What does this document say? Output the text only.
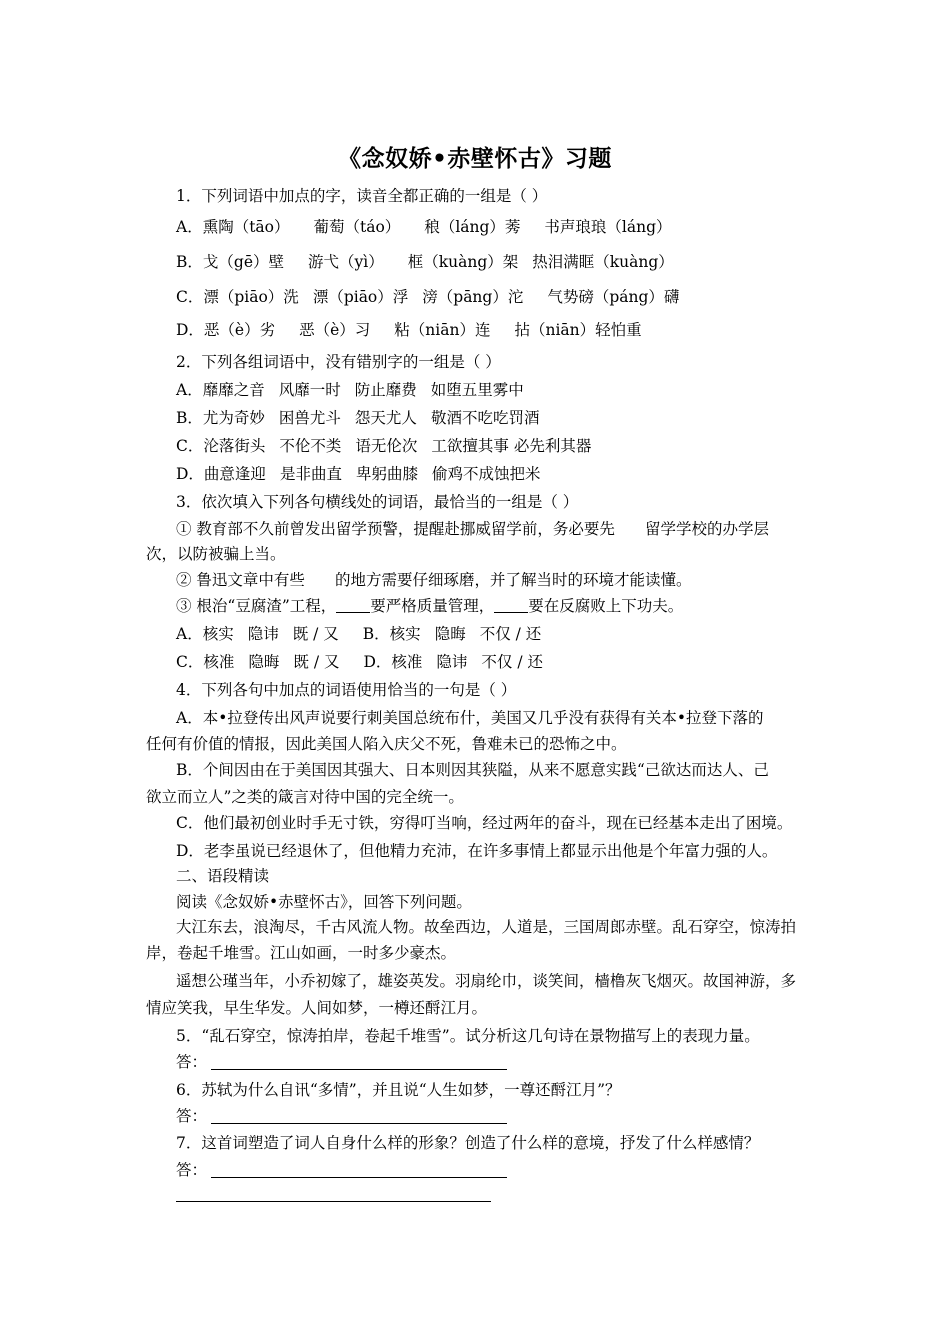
《念奴娇•赤壁怀古》习题
1．下列词语中加点的字，读音全都正确的一组是（ ）
A．熏陶（tāo） 葡萄（táo） 稂（láng）莠 书声琅琅（láng）
B．戈（gē）壁 游弋（yì） 框（kuàng）架 热泪满眶（kuàng）
C．漂（piāo）洗 漂（piāo）浮 滂（pāng）沱 气势磅（páng）礴
D．恶（è）劣 恶（è）习 粘（niān）连 拈（niān）轻怕重
2．下列各组词语中，没有错别字的一组是（ ）
A．靡靡之音 风靡一时 防止靡费 如堕五里雾中
B．尤为奇妙 困兽尤斗 怨天尤人 敬酒不吃吃罚酒
C．沦落街头 不伦不类 语无伦次 工欲擅其事 必先利其器
D．曲意逢迎 是非曲直 卑躬曲膝 偷鸡不成蚀把米
3．依次填入下列各句横线处的词语，最恰当的一组是（ ）
① 教育部不久前曾发出留学预警，提醒赴挪威留学前，务必要先 留学学校的办学层
次，以防被骗上当。
② 鲁迅文章中有些 的地方需要仔细琢磨，并了解当时的环境才能读懂。
③ 根治“豆腐渣”工程， 要严格质量管理， 要在反腐败上下功夫。
A．核实 隐讳 既 / 又 B．核实 隐晦 不仅 / 还
C．核准 隐晦 既 / 又 D．核准 隐讳 不仅 / 还
4．下列各句中加点的词语使用恰当的一句是（ ）
A．本•拉登传出风声说要行刺美国总统布什，美国又几乎没有获得有关本•拉登下落的
任何有价值的情报，因此美国人陷入庆父不死，鲁难未已的恐怖之中。
B．个间因由在于美国因其强大、日本则因其狭隘，从来不愿意实践“己欲达而达人、己
欲立而立人”之类的箴言对待中国的完全统一。
C．他们最初创业时手无寸铁，穷得叮当响，经过两年的奋斗，现在已经基本走出了困境。
D．老李虽说已经退休了，但他精力充沛，在许多事情上都显示出他是个年富力强的人。
二、语段精读
阅读《念奴娇•赤壁怀古》，回答下列问题。
大江东去，浪淘尽，千古风流人物。故垒西边，人道是，三国周郎赤壁。乱石穿空，惊涛拍
岸，卷起千堆雪。江山如画，一时多少豪杰。
遥想公瑾当年，小乔初嫁了，雄姿英发。羽扇纶巾，谈笑间，樯橹灰飞烟灭。故国神游，多
情应笑我，早生华发。人间如梦，一樽还酹江月。
5．“乱石穿空，惊涛拍岸，卷起千堆雪”。试分析这几句诗在景物描写上的表现力量。
答：
6．苏轼为什么自讯“多情”，并且说“人生如梦，一尊还酹江月”？
答：
7．这首词塑造了词人自身什么样的形象？创造了什么样的意境，抒发了什么样感情？
答：
